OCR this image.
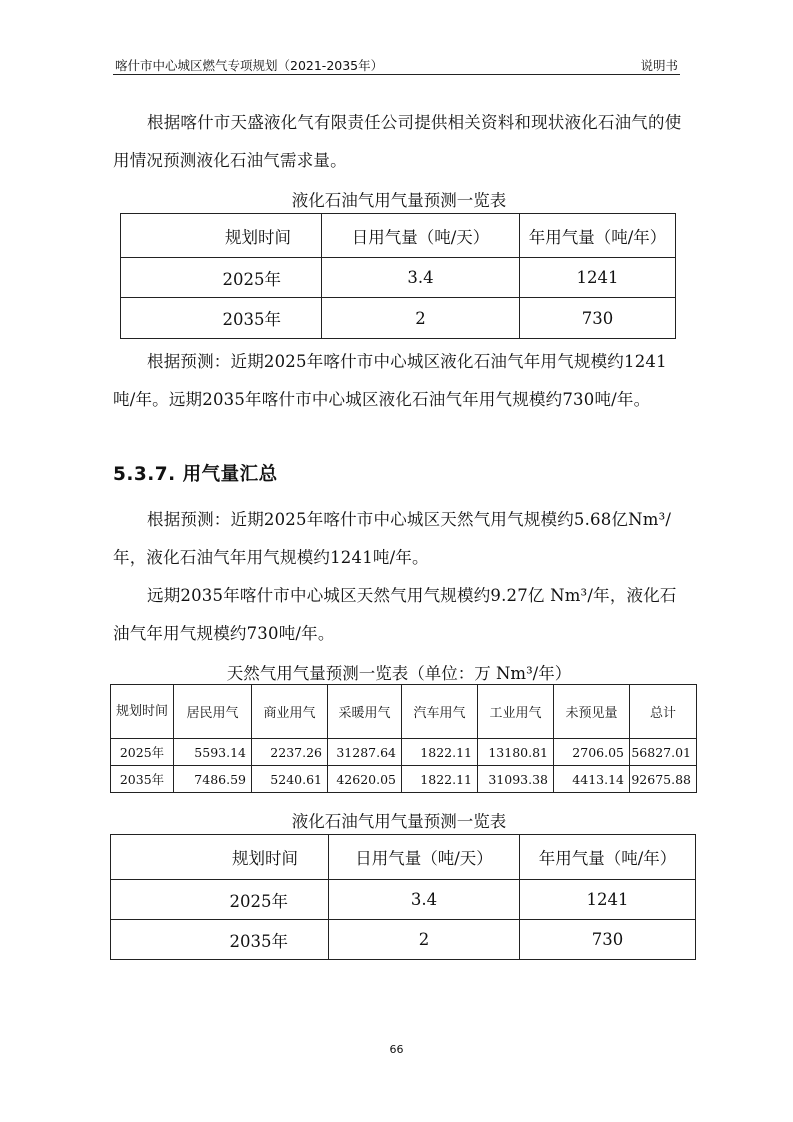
喀什市中心城区燃气专项规划（2021-2035年）	说明书

根据喀什市天盛液化气有限责任公司提供相关资料和现状液化石油气的使用情况预测液化石油气需求量。

液化石油气用气量预测一览表
规划时间	日用气量（吨/天）	年用气量（吨/年）
2025年	3.4	1241
2035年	2	730

根据预测：近期2025年喀什市中心城区液化石油气年用气规模约1241吨/年。远期2035年喀什市中心城区液化石油气年用气规模约730吨/年。

5.3.7. 用气量汇总

根据预测：近期2025年喀什市中心城区天然气用气规模约5.68亿Nm³/年，液化石油气年用气规模约1241吨/年。

远期2035年喀什市中心城区天然气用气规模约9.27亿 Nm³/年，液化石油气年用气规模约730吨/年。

天然气用气量预测一览表（单位：万 Nm³/年）
规划时间	居民用气	商业用气	采暖用气	汽车用气	工业用气	未预见量	总计
2025年	5593.14	2237.26	31287.64	1822.11	13180.81	2706.05	56827.01
2035年	7486.59	5240.61	42620.05	1822.11	31093.38	4413.14	92675.88
液化石油气用气量预测一览表
规划时间	日用气量（吨/天）	年用气量（吨/年）
2025年	3.4	1241
2035年	2	730
66
